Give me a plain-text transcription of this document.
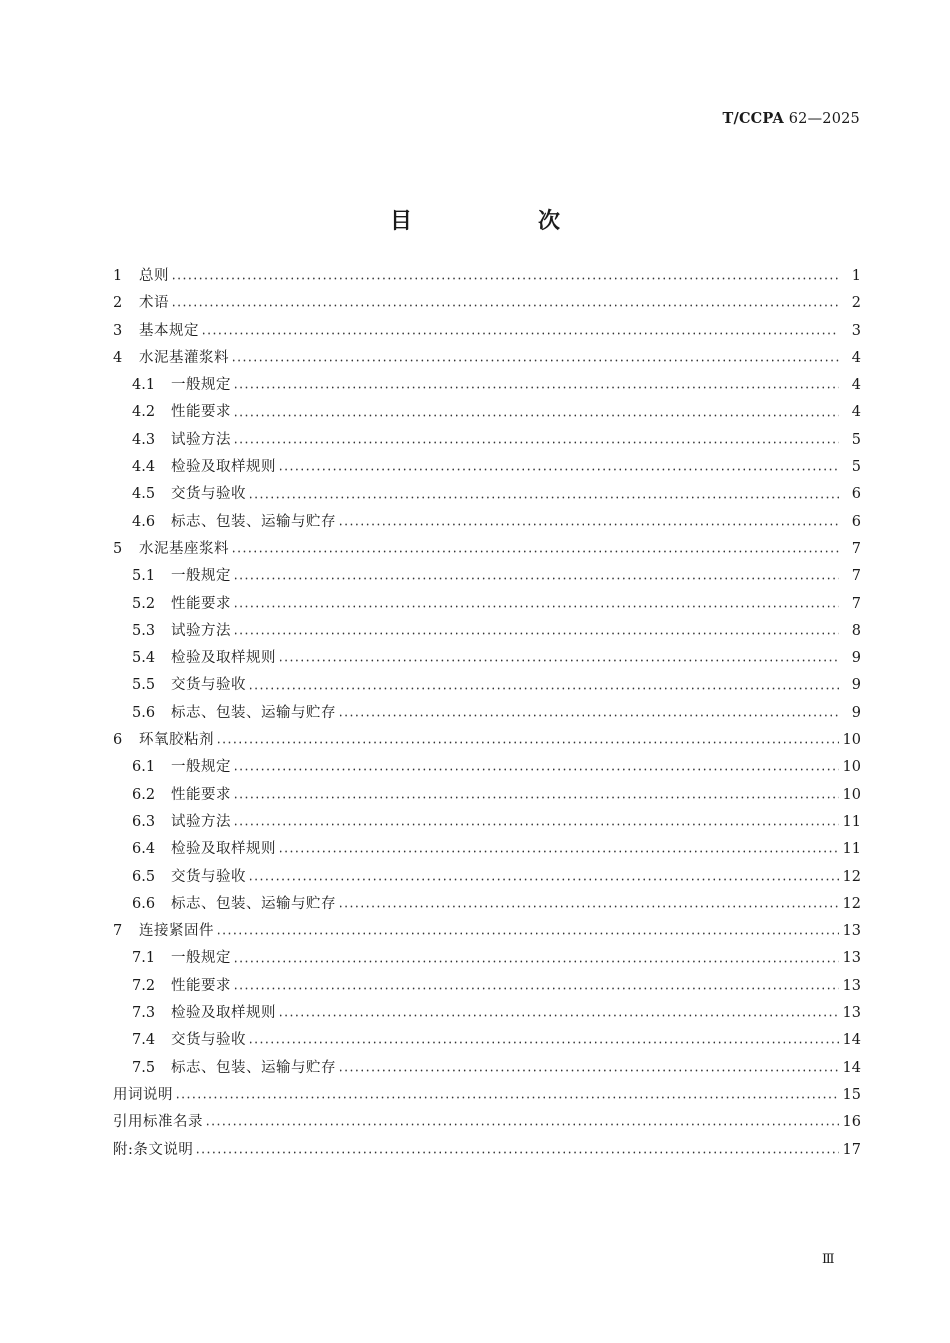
T/CCPA 62—2025
目　次
1	总则	1
2	术语	2
3	基本规定	3
4	水泥基灌浆料	4
4.1	一般规定	4
4.2	性能要求	4
4.3	试验方法	5
4.4	检验及取样规则	5
4.5	交货与验收	6
4.6	标志、包装、运输与贮存	6
5	水泥基座浆料	7
5.1	一般规定	7
5.2	性能要求	7
5.3	试验方法	8
5.4	检验及取样规则	9
5.5	交货与验收	9
5.6	标志、包装、运输与贮存	9
6	环氧胶粘剂	10
6.1	一般规定	10
6.2	性能要求	10
6.3	试验方法	11
6.4	检验及取样规则	11
6.5	交货与验收	12
6.6	标志、包装、运输与贮存	12
7	连接紧固件	13
7.1	一般规定	13
7.2	性能要求	13
7.3	检验及取样规则	13
7.4	交货与验收	14
7.5	标志、包装、运输与贮存	14
用词说明	15
引用标准名录	16
附:条文说明	17
Ⅲ
